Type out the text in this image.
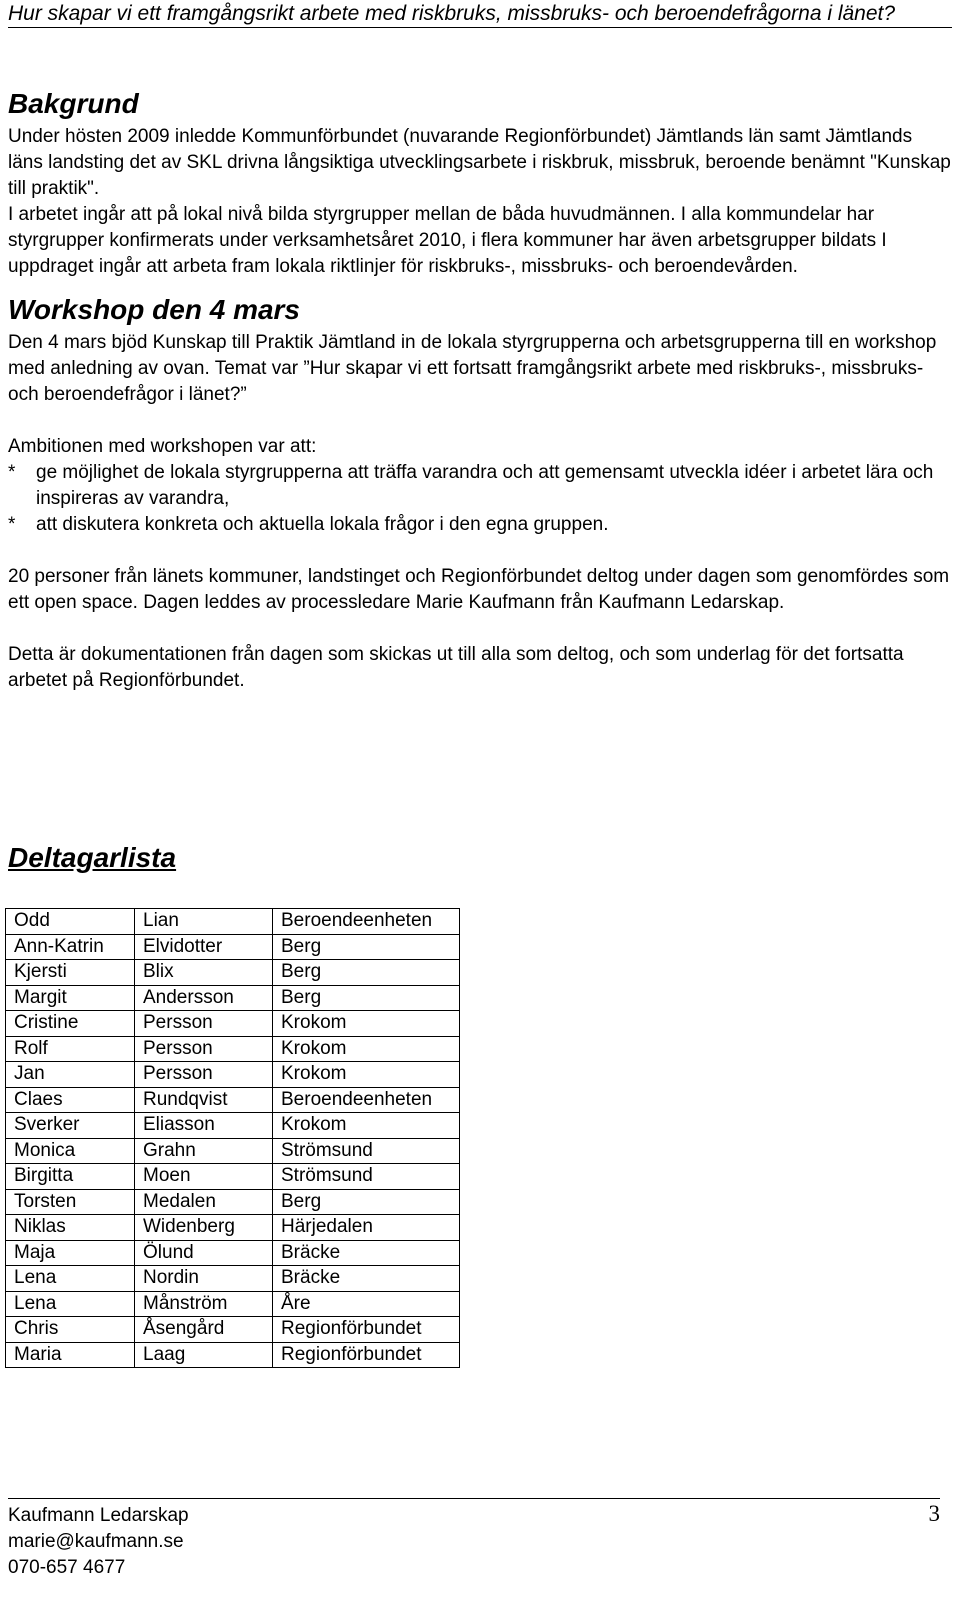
Hur skapar vi ett framgångsrikt arbete med riskbruks, missbruks- och beroendefrågorna i länet?
Bakgrund

Under hösten 2009 inledde Kommunförbundet (nuvarande Regionförbundet) Jämtlands län samt Jämtlands läns landsting det av SKL drivna långsiktiga utvecklingsarbete i riskbruk, missbruk, beroende benämnt "Kunskap till praktik".

I arbetet ingår att på lokal nivå bilda styrgrupper mellan de båda huvudmännen. I alla kommundelar har styrgrupper konfirmerats under verksamhetsåret 2010, i flera kommuner har även arbetsgrupper bildats I uppdraget ingår att arbeta fram lokala riktlinjer för riskbruks-, missbruks- och beroendevården.

Workshop den 4 mars

Den 4 mars bjöd Kunskap till Praktik Jämtland in de lokala styrgrupperna och arbetsgrupperna till en workshop med anledning av ovan. Temat var ”Hur skapar vi ett fortsatt framgångsrikt arbete med riskbruks-, missbruks- och beroendefrågor i länet?”

Ambitionen med workshopen var att:

*	ge möjlighet de lokala styrgrupperna att träffa varandra och att gemensamt utveckla idéer i arbetet lära och inspireras av varandra,
*	att diskutera konkreta och aktuella lokala frågor i den egna gruppen.

20 personer från länets kommuner, landstinget och Regionförbundet deltog under dagen som genomfördes som ett open space. Dagen leddes av processledare Marie Kaufmann från Kaufmann Ledarskap.

Detta är dokumentationen från dagen som skickas ut till alla som deltog, och som underlag för det fortsatta arbetet på Regionförbundet.

Deltagarlista
Odd	Lian	Beroendeenheten
Ann-Katrin	Elvidotter	Berg
Kjersti	Blix	Berg
Margit	Andersson	Berg
Cristine	Persson	Krokom
Rolf	Persson	Krokom
Jan	Persson	Krokom
Claes	Rundqvist	Beroendeenheten
Sverker	Eliasson	Krokom
Monica	Grahn	Strömsund
Birgitta	Moen	Strömsund
Torsten	Medalen	Berg
Niklas	Widenberg	Härjedalen
Maja	Ölund	Bräcke
Lena	Nordin	Bräcke
Lena	Månström	Åre
Chris	Åsengård	Regionförbundet
Maria	Laag	Regionförbundet
Kaufmann Ledarskap
marie@kaufmann.se
070-657 4677
3
